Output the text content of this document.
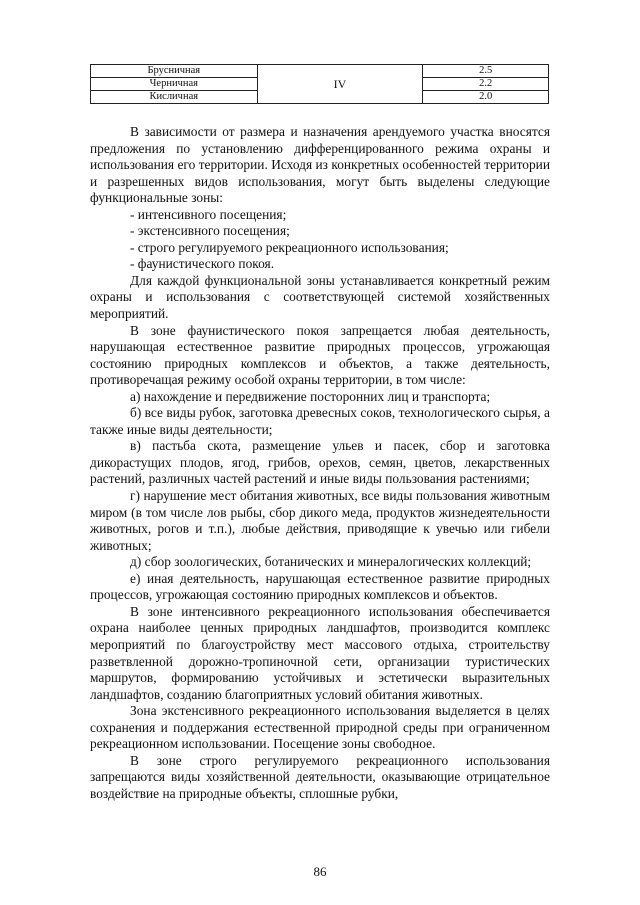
Брусничная	IV	2.5
Черничная		2.2
Кисличная		2.0

В зависимости от размера и назначения арендуемого участка вносятся предложения по установлению дифференцированного режима охраны и использования его территории. Исходя из конкретных особенностей территории и разрешенных видов использования, могут быть выделены следующие функциональные зоны:

- интенсивного посещения;

- экстенсивного посещения;

- строго регулируемого рекреационного использования;

- фаунистического покоя.

Для каждой функциональной зоны устанавливается конкретный режим охраны и использования с соответствующей системой хозяйственных мероприятий.

В зоне фаунистического покоя запрещается любая деятельность, нарушающая естественное развитие природных процессов, угрожающая состоянию природных комплексов и объектов, а также деятельность, противоречащая режиму особой охраны территории, в том числе:

а) нахождение и передвижение посторонних лиц и транспорта;

б) все виды рубок, заготовка древесных соков, технологического сырья, а также иные виды деятельности;

в) пастьба скота, размещение ульев и пасек, сбор и заготовка дикорастущих плодов, ягод, грибов, орехов, семян, цветов, лекарственных растений, различных частей растений и иные виды пользования растениями;

г) нарушение мест обитания животных, все виды пользования животным миром (в том числе лов рыбы, сбор дикого меда, продуктов жизнедеятельности животных, рогов и т.п.), любые действия, приводящие к увечью или гибели животных;

д) сбор зоологических, ботанических и минералогических коллекций;

е) иная деятельность, нарушающая естественное развитие природных процессов, угрожающая состоянию природных комплексов и объектов.

В зоне интенсивного рекреационного использования обеспечивается охрана наиболее ценных природных ландшафтов, производится комплекс мероприятий по благоустройству мест массового отдыха, строительству разветвленной дорожно-тропиночной сети, организации туристических маршрутов, формированию устойчивых и эстетически выразительных ландшафтов, созданию благоприятных условий обитания животных.

Зона экстенсивного рекреационного использования выделяется в целях сохранения и поддержания естественной природной среды при ограниченном рекреационном использовании. Посещение зоны свободное.

В зоне строго регулируемого рекреационного использования запрещаются виды хозяйственной деятельности, оказывающие отрицательное воздействие на природные объекты, сплошные рубки,

86
